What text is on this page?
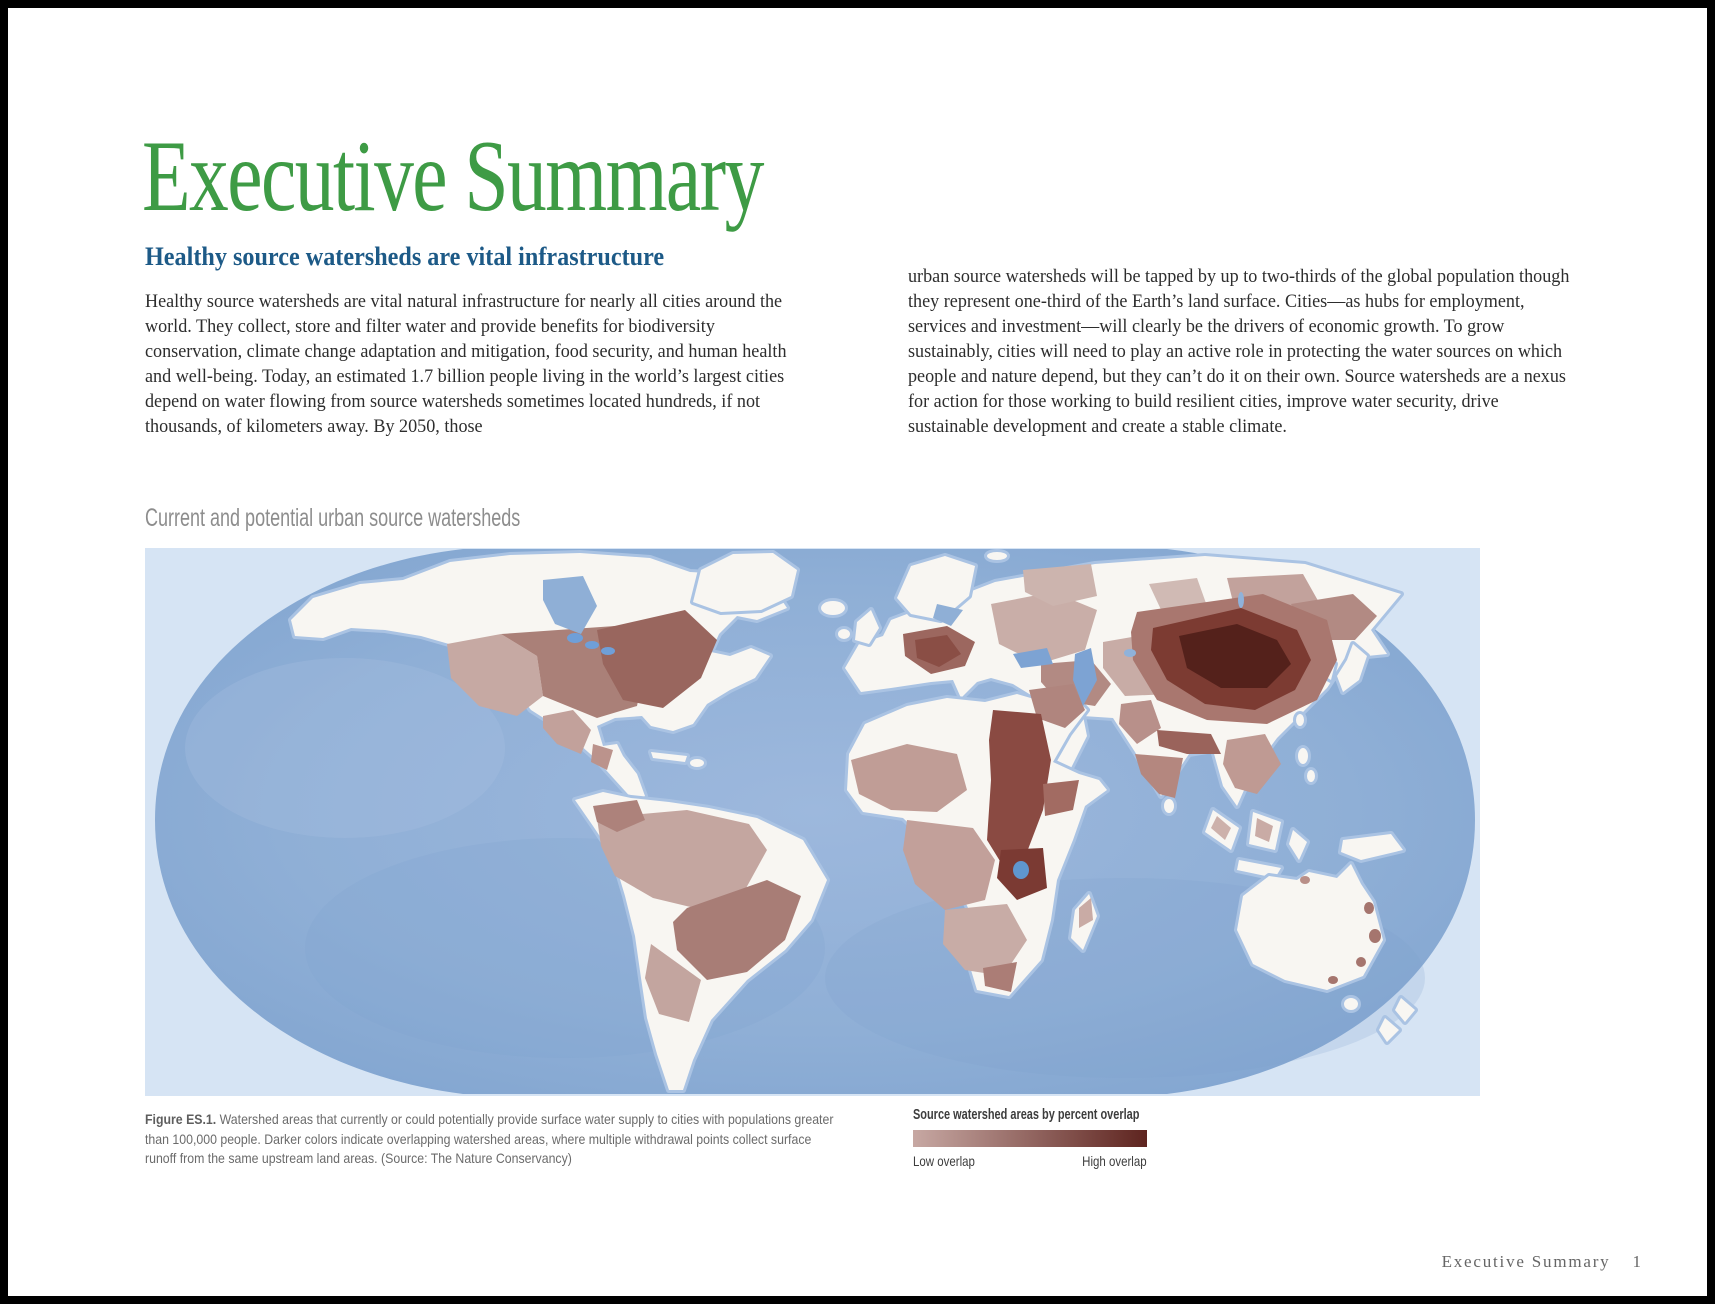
Executive Summary
Healthy source watersheds are vital infrastructure
Healthy source watersheds are vital natural infrastructure for nearly all cities around the world. They collect, store and filter water and provide benefits for biodiversity conservation, climate change adaptation and mitigation, food security, and human health and well-being. Today, an estimated 1.7 billion people living in the world’s largest cities depend on water flowing from source watersheds sometimes located hundreds, if not thousands, of kilometers away. By 2050, those
urban source watersheds will be tapped by up to two-thirds of the global population though they represent one-third of the Earth’s land surface. Cities—as hubs for employment, services and investment—will clearly be the drivers of economic growth. To grow sustainably, cities will need to play an active role in protecting the water sources on which people and nature depend, but they can’t do it on their own. Source watersheds are a nexus for action for those working to build resilient cities, improve water security, drive sustainable development and create a stable climate.
Current and potential urban source watersheds
Figure ES.1. Watershed areas that currently or could potentially provide surface water supply to cities with populations greater than 100,000 people. Darker colors indicate overlapping watershed areas, where multiple withdrawal points collect surface runoff from the same upstream land areas. (Source: The Nature Conservancy)
Source watershed areas by percent overlap
Low overlap	High overlap
Executive Summary 1
